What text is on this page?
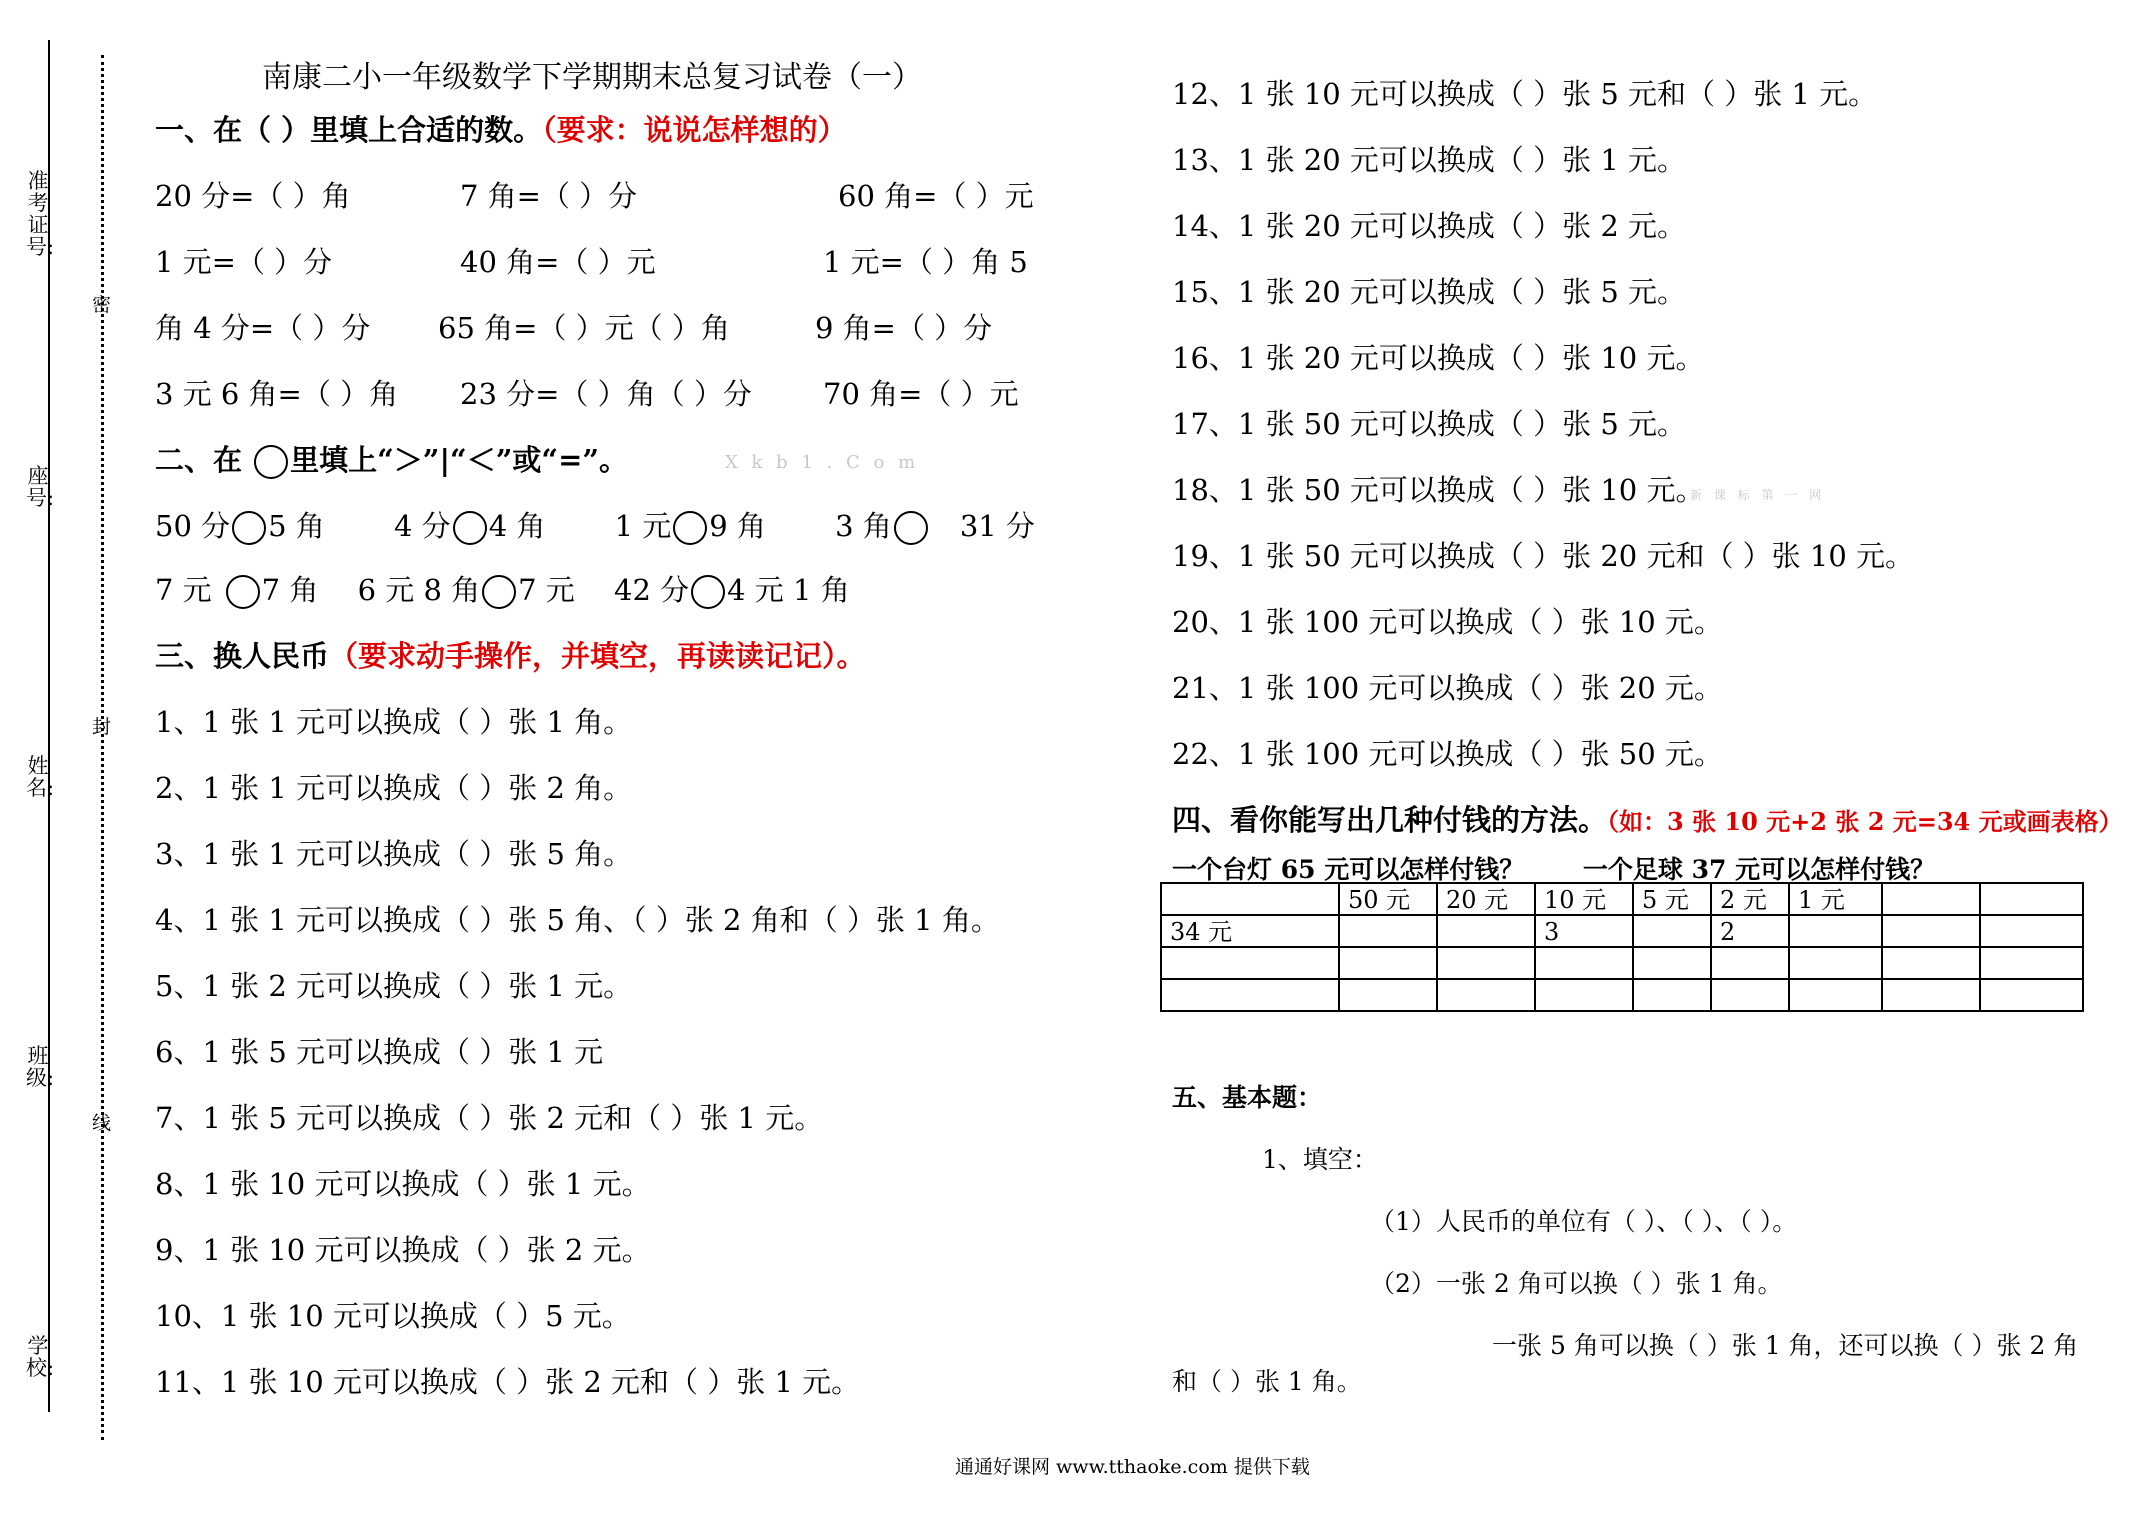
准考证号:
座号:
姓名:
班级:
学校:
密
封
线
南康二小一年级数学下学期期末总复习试卷（一）
一、在（ ）里填上合适的数。（要求：说说怎样想的）
20 分=（ ）角	7 角=（ ）分	60 角=（ ）元
1 元=（ ）分	40 角=（ ）元	1 元=（ ）角 5
角 4 分=（ ）分 65 角=（ ）元（ ）角	9 角=（ ）分
3 元 6 角=（ ）角 23 分=（ ）角（ ）分 70 角=（ ）元
二、在 里填上“＞”|“＜”或“=”。	X k b 1 . C o m
50 分 5 角 4 分 4 角 1 元 9 角 3 角 31 分
7 元 7 角 6 元 8 角 7 元 42 分 4 元 1 角
三、换人民币（要求动手操作，并填空，再读读记记）。
1、1 张 1 元可以换成（ ）张 1 角。
2、1 张 1 元可以换成（ ）张 2 角。
3、1 张 1 元可以换成（ ）张 5 角。
4、1 张 1 元可以换成（ ）张 5 角、（ ）张 2 角和（ ）张 1 角。
5、1 张 2 元可以换成（ ）张 1 元。
6、1 张 5 元可以换成（ ）张 1 元
7、1 张 5 元可以换成（ ）张 2 元和（ ）张 1 元。
8、1 张 10 元可以换成（ ）张 1 元。
9、1 张 10 元可以换成（ ）张 2 元。
10、1 张 10 元可以换成（ ）5 元。
11、1 张 10 元可以换成（ ）张 2 元和（ ）张 1 元。
12、1 张 10 元可以换成（ ）张 5 元和（ ）张 1 元。
13、1 张 20 元可以换成（ ）张 1 元。
14、1 张 20 元可以换成（ ）张 2 元。
15、1 张 20 元可以换成（ ）张 5 元。
16、1 张 20 元可以换成（ ）张 10 元。
17、1 张 50 元可以换成（ ）张 5 元。
18、1 张 50 元可以换成（ ）张 10 元。
新 课 标 第 一 网
19、1 张 50 元可以换成（ ）张 20 元和（ ）张 10 元。
20、1 张 100 元可以换成（ ）张 10 元。
21、1 张 100 元可以换成（ ）张 20 元。
22、1 张 100 元可以换成（ ）张 50 元。
四、看你能写出几种付钱的方法。（如：3 张 10 元+2 张 2 元=34 元或画表格）
一个台灯 65 元可以怎样付钱？ 一个足球 37 元可以怎样付钱？
	50 元	20 元	10 元	5 元	2 元	1 元		
34 元			3		2			

五、基本题：
1、填空：
（1）人民币的单位有（ ）、（ ）、（ ）。
（2）一张 2 角可以换（ ）张 1 角。
一张 5 角可以换（ ）张 1 角，还可以换（ ）张 2 角
和（ ）张 1 角。
通通好课网 www.tthaoke.com 提供下载
